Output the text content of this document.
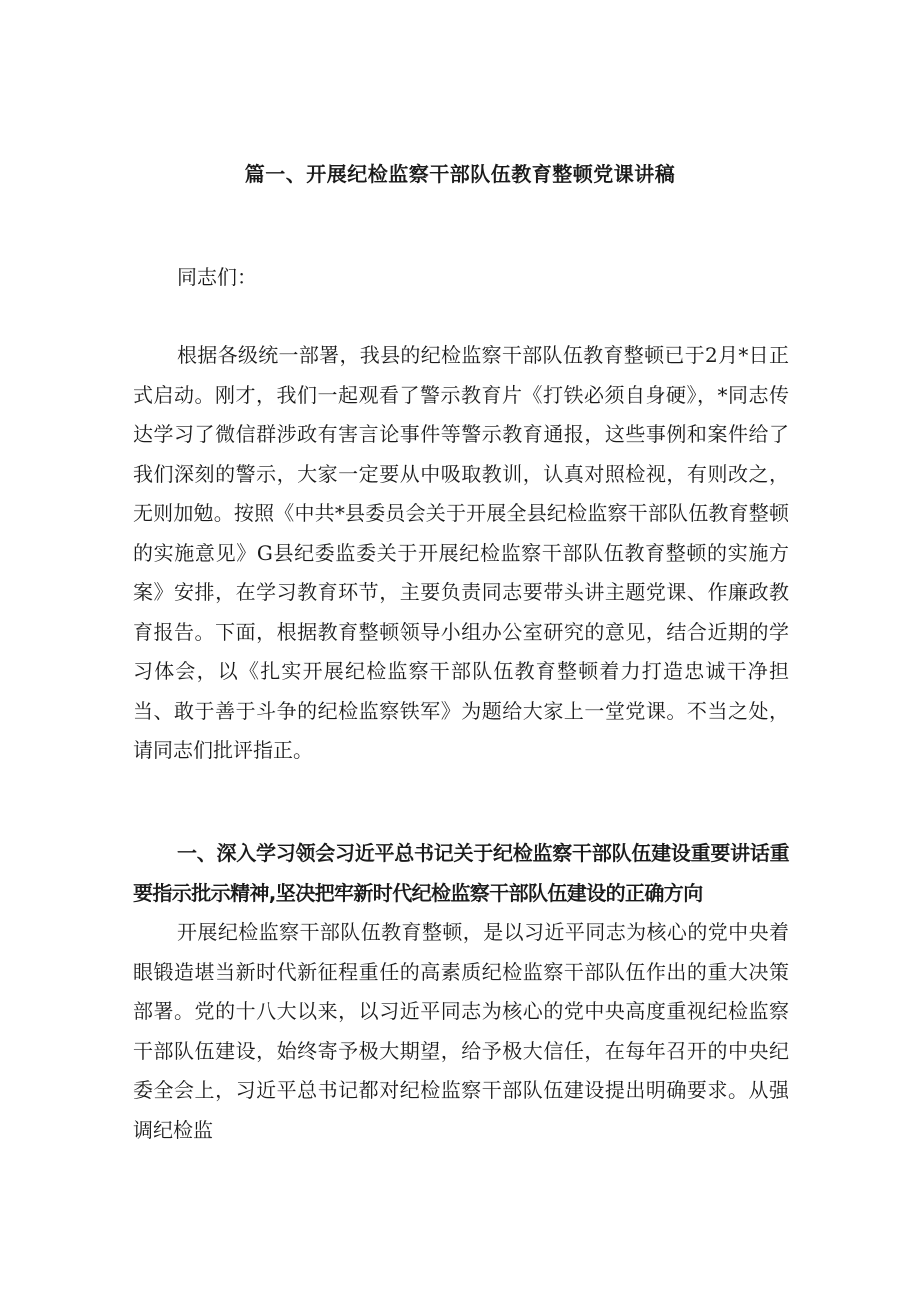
篇一、开展纪检监察干部队伍教育整顿党课讲稿

同志们：

根据各级统一部署，我县的纪检监察干部队伍教育整顿已于2月*日正式启动。刚才，我们一起观看了警示教育片《打铁必须自身硬》，*同志传达学习了微信群涉政有害言论事件等警示教育通报，这些事例和案件给了我们深刻的警示，大家一定要从中吸取教训，认真对照检视，有则改之，无则加勉。按照《中共*县委员会关于开展全县纪检监察干部队伍教育整顿的实施意见》G县纪委监委关于开展纪检监察干部队伍教育整顿的实施方案》安排，在学习教育环节，主要负责同志要带头讲主题党课、作廉政教育报告。下面，根据教育整顿领导小组办公室研究的意见，结合近期的学习体会，以《扎实开展纪检监察干部队伍教育整顿着力打造忠诚干净担当、敢于善于斗争的纪检监察铁军》为题给大家上一堂党课。不当之处，请同志们批评指正。

一、深入学习领会习近平总书记关于纪检监察干部队伍建设重要讲话重要指示批示精神,坚决把牢新时代纪检监察干部队伍建设的正确方向

开展纪检监察干部队伍教育整顿，是以习近平同志为核心的党中央着眼锻造堪当新时代新征程重任的高素质纪检监察干部队伍作出的重大决策部署。党的十八大以来，以习近平同志为核心的党中央高度重视纪检监察干部队伍建设，始终寄予极大期望，给予极大信任，在每年召开的中央纪委全会上，习近平总书记都对纪检监察干部队伍建设提出明确要求。从强调纪检监
